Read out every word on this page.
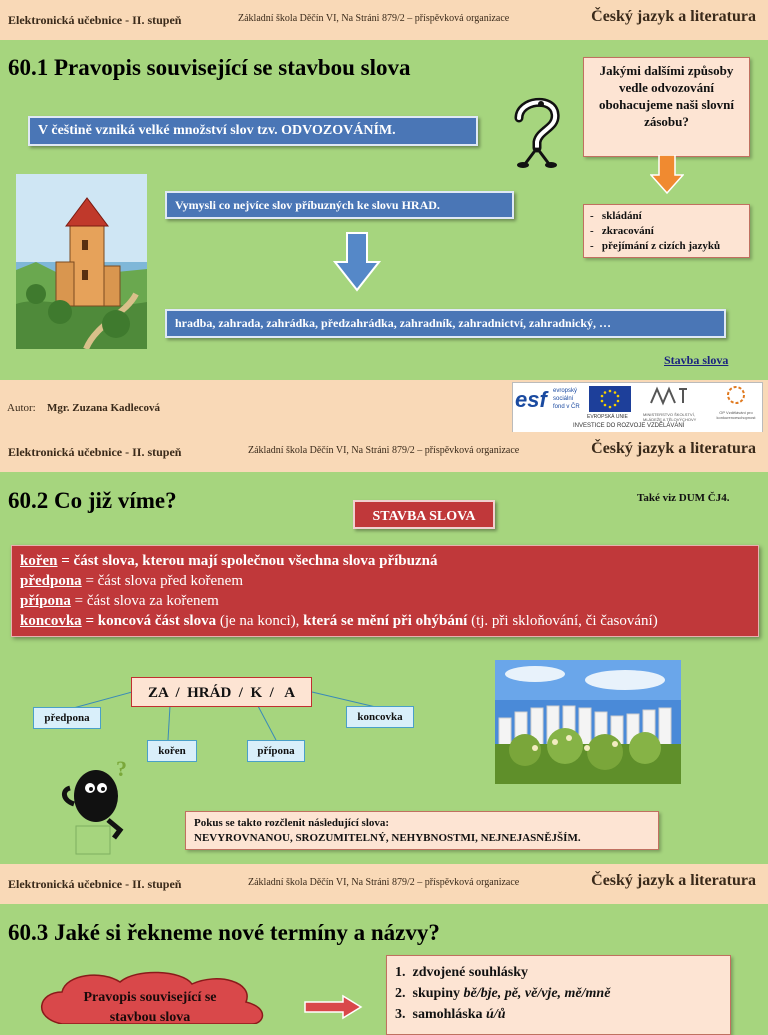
Elektronická učebnice - II. stupeň	Základní škola Děčín VI, Na Stráni 879/2 – příspěvková organizace	Český jazyk a literatura
60.1 Pravopis související se stavbou slova
V češtině vzniká velké množství slov tzv. ODVOZOVÁNÍM.
Jakými dalšími způsoby vedle odvozování obohacujeme naši slovní zásobu?
-   skládání
-   zkracování
-   přejímání z cizích jazyků
Vymysli co nejvíce slov příbuzných ke slovu HRAD.
hradba, zahrada, zahrádka, předzahrádka, zahradník, zahradnictví, zahradnický, …
Stavba slova
Autor: Mgr. Zuzana Kadlecová	esf evropský
sociální
fond v ČR
EVROPSKÁ UNIE	MINISTERSTVO ŠKOLSTVÍ, MLÁDEŽE A TĚLOVÝCHOVY
OP Vzdělávání pro konkurenceschopnost
INVESTICE DO ROZVOJE VZDĚLÁVÁNÍ
Elektronická učebnice - II. stupeň	Základní škola Děčín VI, Na Stráni 879/2 – příspěvková organizace	Český jazyk a literatura
60.2 Co již víme?
STAVBA SLOVA
Také viz DUM ČJ4.
kořen = část slova, kterou mají společnou všechna slova příbuzná
předpona = část slova před kořenem
přípona = část slova za kořenem
koncovka = koncová část slova (je na konci), která se mění při ohýbání (tj. při skloňování, či časování)
ZA  /  HRÁD  /  K  /   A
předpona
kořen	přípona
koncovka
?
Pokus se takto rozčlenit následující slova:
NEVYROVNANOU, SROZUMITELNÝ, NEHYBNOSTMI, NEJNEJASNĚJŠÍM.
Elektronická učebnice - II. stupeň	Základní škola Děčín VI, Na Stráni 879/2 – příspěvková organizace	Český jazyk a literatura
60.3 Jaké si řekneme nové termíny a názvy?
Pravopis související se stavbou slova
1. zdvojené souhlásky
2. skupiny bě/bje, pě, vě/vje, mě/mně
3. samohláska ú/ů
